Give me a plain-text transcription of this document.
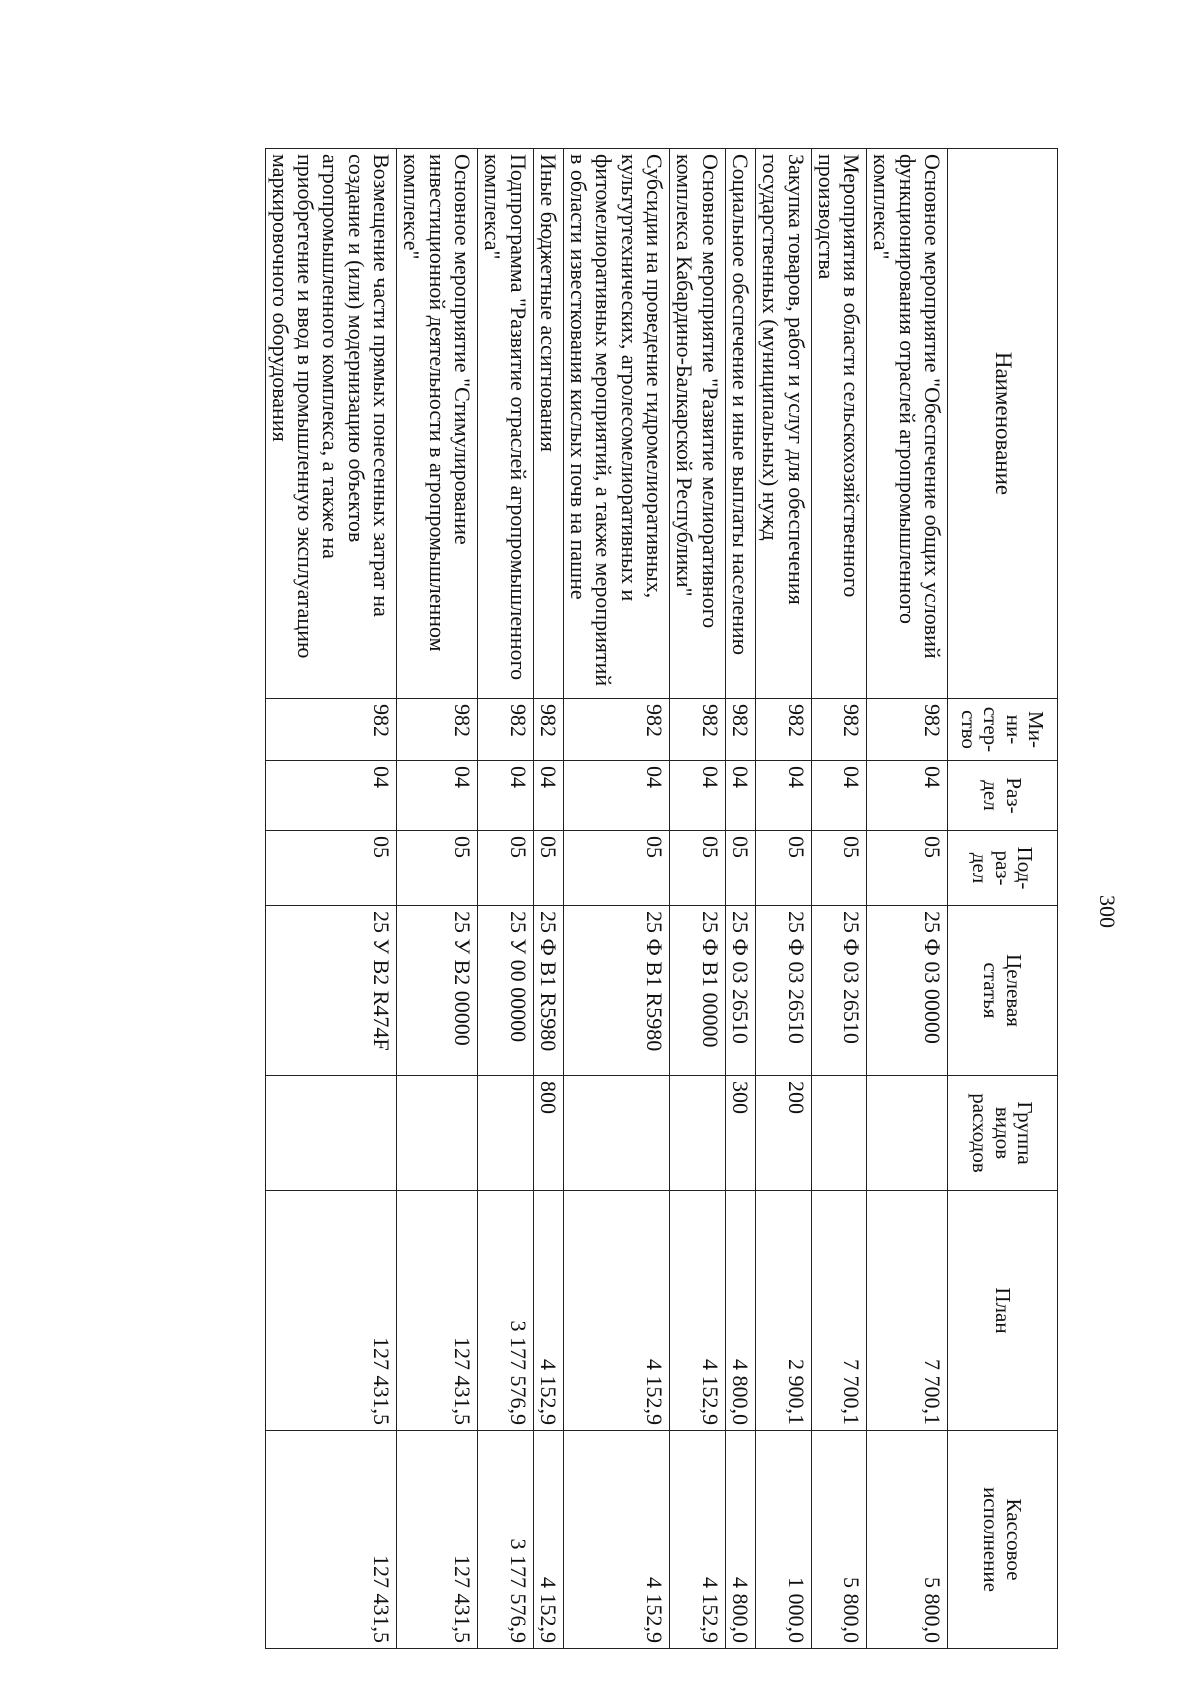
300
Наименование	Ми-
ни-
стер-
ство	Раз-
дел	Под-
раз-
дел	Целевая
статья	Группа
видов
расходов	План	Кассовое
исполнение
Основное мероприятие "Обеспечение общих условий функционирования отраслей агропромышленного комплекса"	982	04	05	25 Ф 03 00000		7 700,1	5 800,0
Мероприятия в области сельскохозяйственного производства	982	04	05	25 Ф 03 26510		7 700,1	5 800,0
Закупка товаров, работ и услуг для обеспечения государственных (муниципальных) нужд	982	04	05	25 Ф 03 26510	200	2 900,1	1 000,0
Социальное обеспечение и иные выплаты населению	982	04	05	25 Ф 03 26510	300	4 800,0	4 800,0
Основное мероприятие "Развитие мелиоративного комплекса Кабардино-Балкарской Республики"	982	04	05	25 Ф В1 00000		4 152,9	4 152,9
Субсидии на проведение гидромелиоративных, культуртехнических, агролесомелиоративных и фитомелиоративных мероприятий, а также мероприятий в области известкования кислых почв на пашне	982	04	05	25 Ф В1 R5980		4 152,9	4 152,9
Иные бюджетные ассигнования	982	04	05	25 Ф В1 R5980	800	4 152,9	4 152,9
Подпрограмма "Развитие отраслей агропромышленного комплекса"	982	04	05	25 У 00 00000		3 177 576,9	3 177 576,9
Основное мероприятие "Стимулирование инвестиционной деятельности в агропромышленном комплексе"	982	04	05	25 У В2 00000		127 431,5	127 431,5
Возмещение части прямых понесенных затрат на создание и (или) модернизацию объектов агропромышленного комплекса, а также на приобретение и ввод в промышленную эксплуатацию маркировочного оборудования	982	04	05	25 У В2 R474F		127 431,5	127 431,5
